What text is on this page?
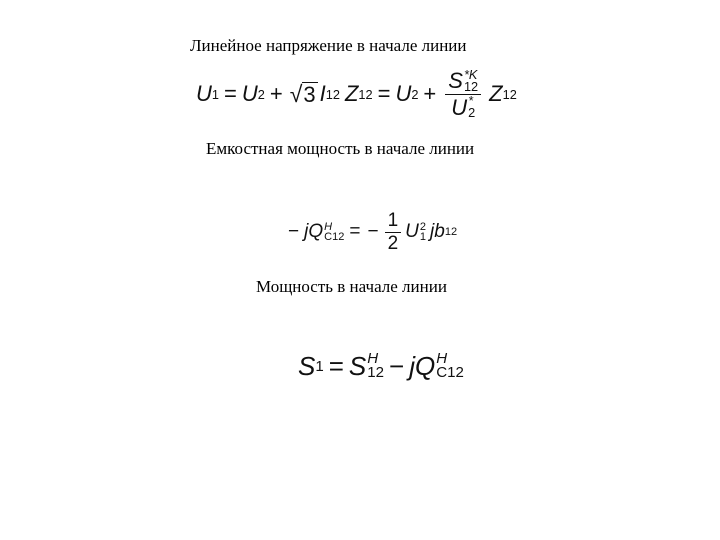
Линейное напряжение в начале линии
U 1 = U 2 + √ 3 I 12 Z 12 = U 2 + S *K
12
U *
2 Z 12
Емкостная мощность в начале линии
− j Q H
C12 = − $\frac{1}{2}$ U 2
1 j b 12
Мощность в начале линии
S 1 = S H
12 − j Q H
C12
